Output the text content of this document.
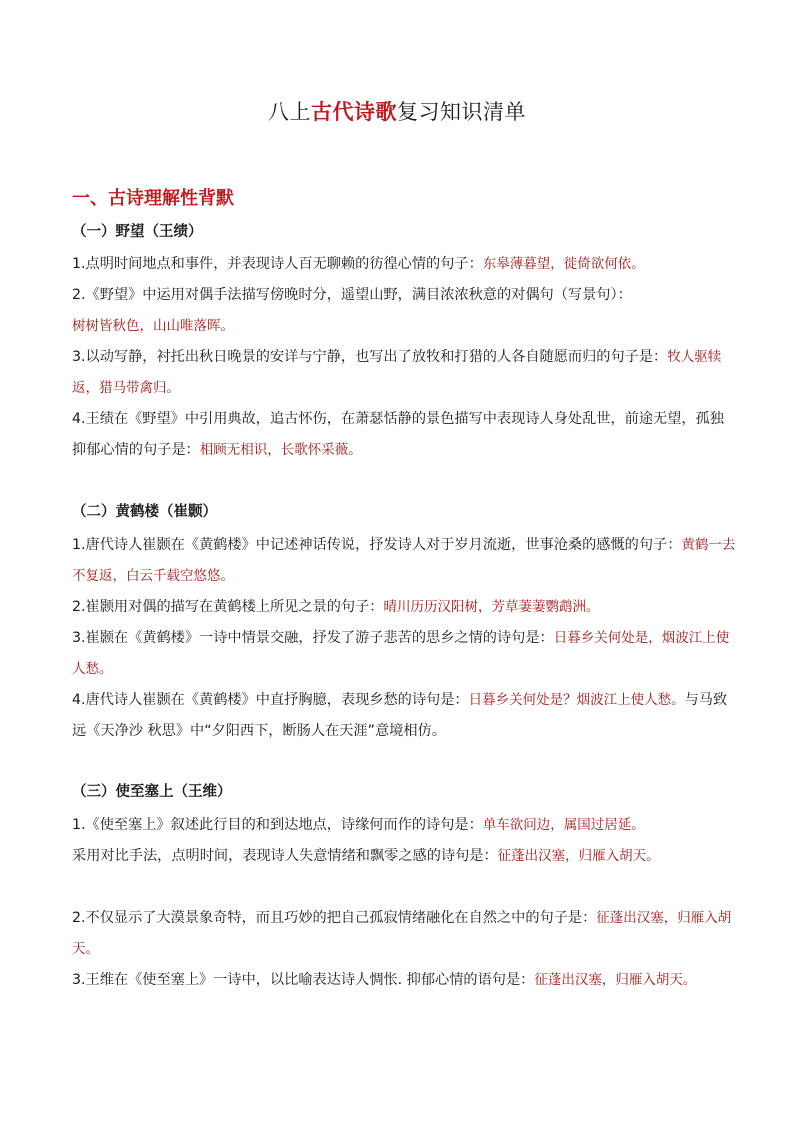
八上古代诗歌复习知识清单
一、古诗理解性背默
（一）野望（王绩）

1.点明时间地点和事件，并表现诗人百无聊赖的彷徨心情的句子：东皋薄暮望，徙倚欲何依。

2.《野望》中运用对偶手法描写傍晚时分，遥望山野，满目浓浓秋意的对偶句（写景句）：
树树皆秋色，山山唯落晖。

3.以动写静，衬托出秋日晚景的安详与宁静，也写出了放牧和打猎的人各自随愿而归的句子是：牧人驱犊返，猎马带禽归。

4.王绩在《野望》中引用典故，追古怀伤，在萧瑟恬静的景色描写中表现诗人身处乱世，前途无望，孤独抑郁心情的句子是：相顾无相识，长歌怀采薇。

（二）黄鹤楼（崔颢）

1.唐代诗人崔颢在《黄鹤楼》中记述神话传说，抒发诗人对于岁月流逝，世事沧桑的感慨的句子：黄鹤一去不复返，白云千载空悠悠。

2.崔颢用对偶的描写在黄鹤楼上所见之景的句子：晴川历历汉阳树，芳草萋萋鹦鹉洲。

3.崔颢在《黄鹤楼》一诗中情景交融，抒发了游子悲苦的思乡之情的诗句是：日暮乡关何处是，烟波江上使人愁。

4.唐代诗人崔颢在《黄鹤楼》中直抒胸臆，表现乡愁的诗句是：日暮乡关何处是？烟波江上使人愁。与马致远《天净沙 秋思》中“夕阳西下，断肠人在天涯”意境相仿。

（三）使至塞上（王维）

1.《使至塞上》叙述此行目的和到达地点，诗缘何而作的诗句是：单车欲问边，属国过居延。

采用对比手法，点明时间，表现诗人失意情绪和飘零之感的诗句是：征蓬出汉塞，归雁入胡天。

2.不仅显示了大漠景象奇特，而且巧妙的把自己孤寂情绪融化在自然之中的句子是：征蓬出汉塞，归雁入胡天。

3.王维在《使至塞上》一诗中，以比喻表达诗人惆怅. 抑郁心情的语句是：征蓬出汉塞，归雁入胡天。
